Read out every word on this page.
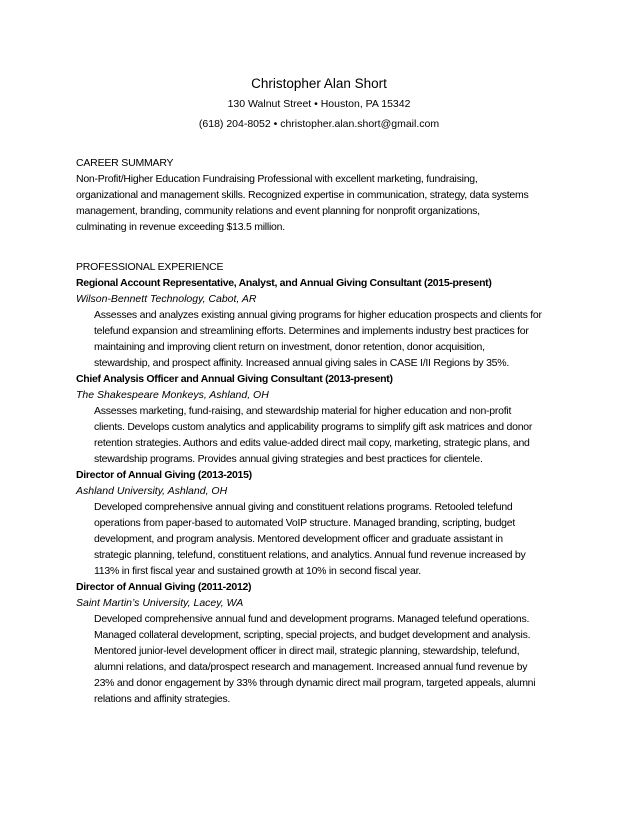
Christopher Alan Short
130 Walnut Street • Houston, PA 15342
(618) 204-8052 • christopher.alan.short@gmail.com
CAREER SUMMARY
Non-Profit/Higher Education Fundraising Professional with excellent marketing, fundraising,
organizational and management skills. Recognized expertise in communication, strategy, data systems
management, branding, community relations and event planning for nonprofit organizations,
culminating in revenue exceeding $13.5 million.
PROFESSIONAL EXPERIENCE
Regional Account Representative, Analyst, and Annual Giving Consultant (2015-present)
Wilson-Bennett Technology, Cabot, AR
Assesses and analyzes existing annual giving programs for higher education prospects and clients for
telefund expansion and streamlining efforts. Determines and implements industry best practices for
maintaining and improving client return on investment, donor retention, donor acquisition,
stewardship, and prospect affinity. Increased annual giving sales in CASE I/II Regions by 35%.
Chief Analysis Officer and Annual Giving Consultant (2013-present)
The Shakespeare Monkeys, Ashland, OH
Assesses marketing, fund-raising, and stewardship material for higher education and non-profit
clients. Develops custom analytics and applicability programs to simplify gift ask matrices and donor
retention strategies. Authors and edits value-added direct mail copy, marketing, strategic plans, and
stewardship programs. Provides annual giving strategies and best practices for clientele.
Director of Annual Giving (2013-2015)
Ashland University, Ashland, OH
Developed comprehensive annual giving and constituent relations programs. Retooled telefund
operations from paper-based to automated VoIP structure. Managed branding, scripting, budget
development, and program analysis. Mentored development officer and graduate assistant in
strategic planning, telefund, constituent relations, and analytics. Annual fund revenue increased by
113% in first fiscal year and sustained growth at 10% in second fiscal year.
Director of Annual Giving (2011-2012)
Saint Martin’s University, Lacey, WA
Developed comprehensive annual fund and development programs. Managed telefund operations.
Managed collateral development, scripting, special projects, and budget development and analysis.
Mentored junior-level development officer in direct mail, strategic planning, stewardship, telefund,
alumni relations, and data/prospect research and management. Increased annual fund revenue by
23% and donor engagement by 33% through dynamic direct mail program, targeted appeals, alumni
relations and affinity strategies.
